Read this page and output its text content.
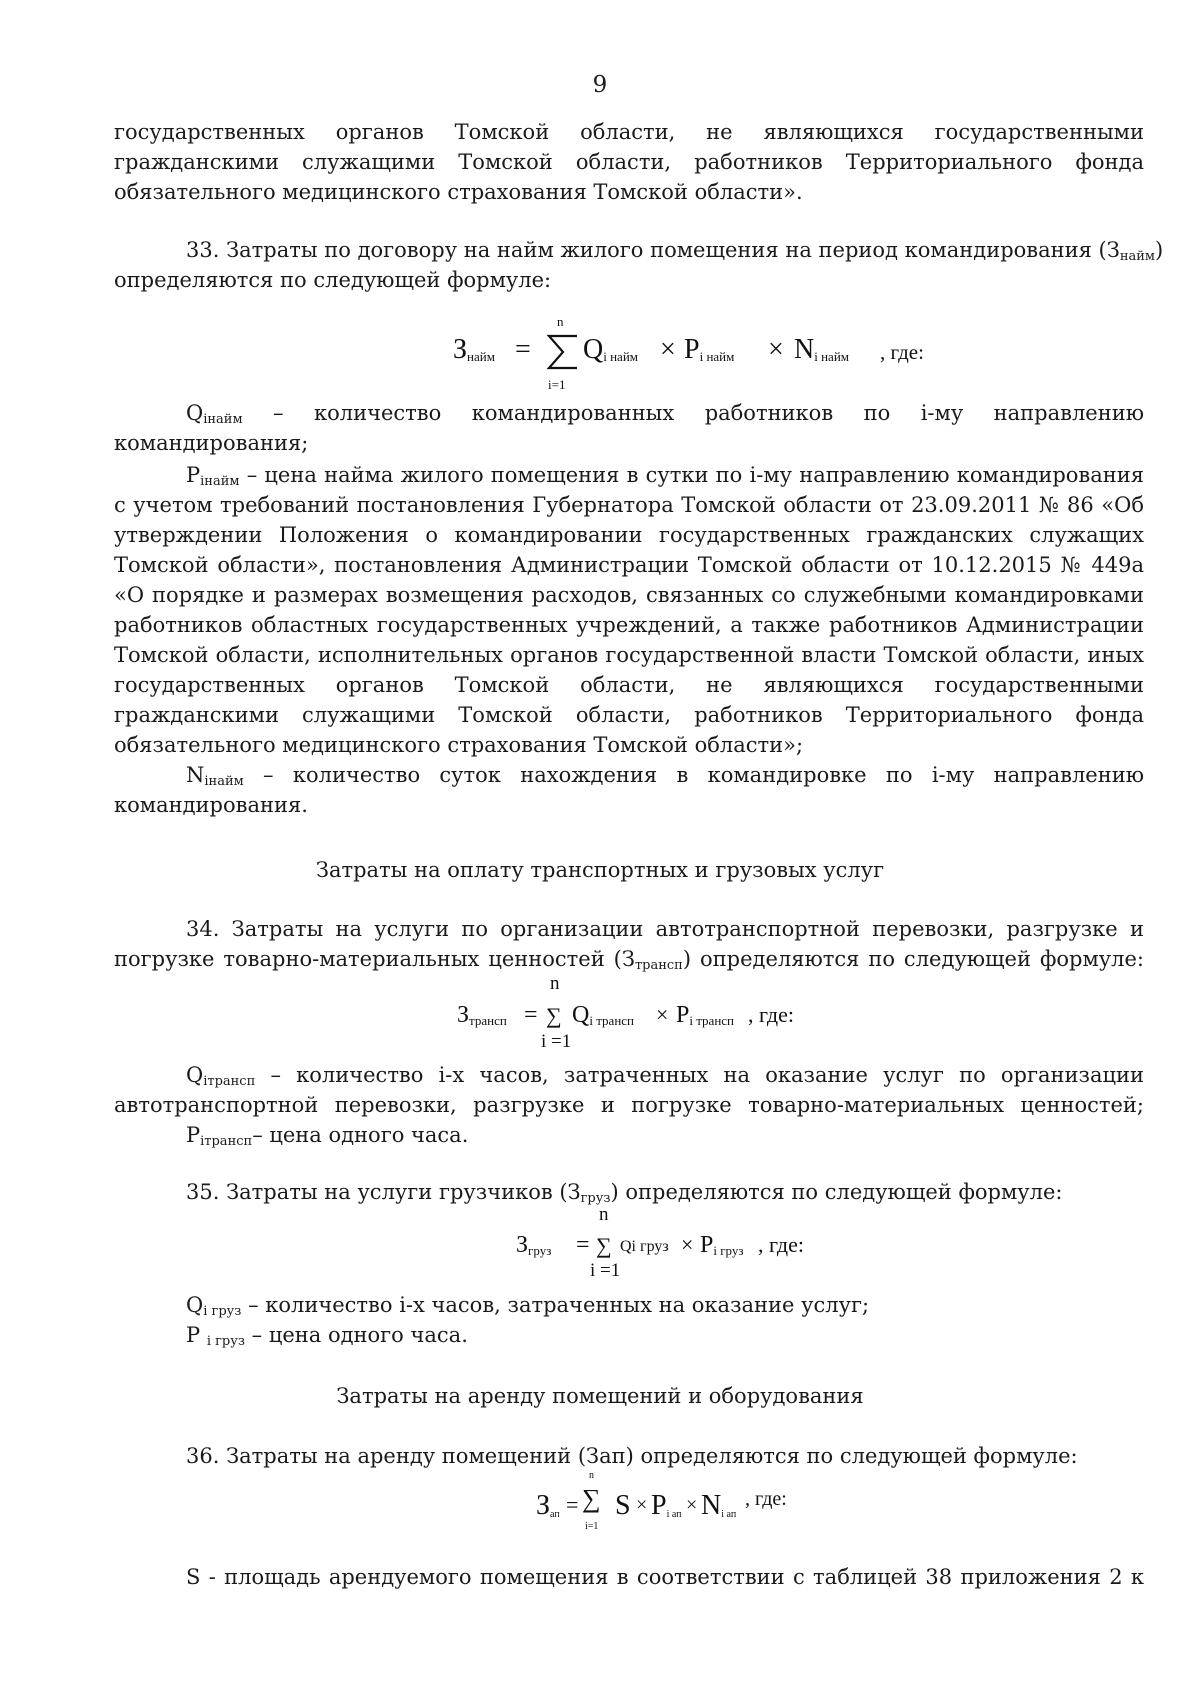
9
государственных органов Томской области, не являющихся государственными
гражданскими служащими Томской области, работников Территориального фонда
обязательного медицинского страхования Томской области».
33. Затраты по договору на найм жилого помещения на период командирования $(З_{найм})$
определяются по следующей формуле:
$З_{найм}$ =
n
i=1
$Q_{i найм} \times P_{i найм} \times N_{i найм}$ , где:
$Q_{iнайм}$ – количество командированных работников по i-му направлению
командирования;
$P_{iнайм}$ – цена найма жилого помещения в сутки по i-му направлению командирования
с учетом требований постановления Губернатора Томской области от 23.09.2011 № 86 «Об
утверждении Положения о командировании государственных гражданских служащих
Томской области», постановления Администрации Томской области от 10.12.2015 № 449а
«О порядке и размерах возмещения расходов, связанных со служебными командировками
работников областных государственных учреждений, а также работников Администрации
Томской области, исполнительных органов государственной власти Томской области, иных
государственных органов Томской области, не являющихся государственными
гражданскими служащими Томской области, работников Территориального фонда
обязательного медицинского страхования Томской области»;
$N_{iнайм}$ – количество суток нахождения в командировке по i-му направлению
командирования.
Затраты на оплату транспортных и грузовых услуг
34. Затраты на услуги по организации автотранспортной перевозки, разгрузке и
погрузке товарно-материальных ценностей $(З_{трансп})$ определяются по следующей формуле:
n
$З_{трансп}$ = ∑ $Q_{i трансп} \times P_{i трансп}$ , где:
i =1
$Q_{iтрансп}$ – количество i-х часов, затраченных на оказание услуг по организации
автотранспортной перевозки, разгрузке и погрузке товарно-материальных ценностей;
$P_{iтрансп}-$ цена одного часа.
35. Затраты на услуги грузчиков $(З_{груз})$ определяются по следующей формуле:
n
$З_{груз}$ = ∑ Qi груз × $P_{i груз}$ , где:
i =1
$Q_{i груз}$ – количество i-х часов, затраченных на оказание услуг;
P $_{i груз}$ – цена одного часа.
Затраты на аренду помещений и оборудования
36. Затраты на аренду помещений (Зап) определяются по следующей формуле:
$З_{ап}$ =
n
∑
i=1
$S \times P_{i ап} \times N_{i ап}$
, где:
S - площадь арендуемого помещения в соответствии с таблицей 38 приложения 2 к
